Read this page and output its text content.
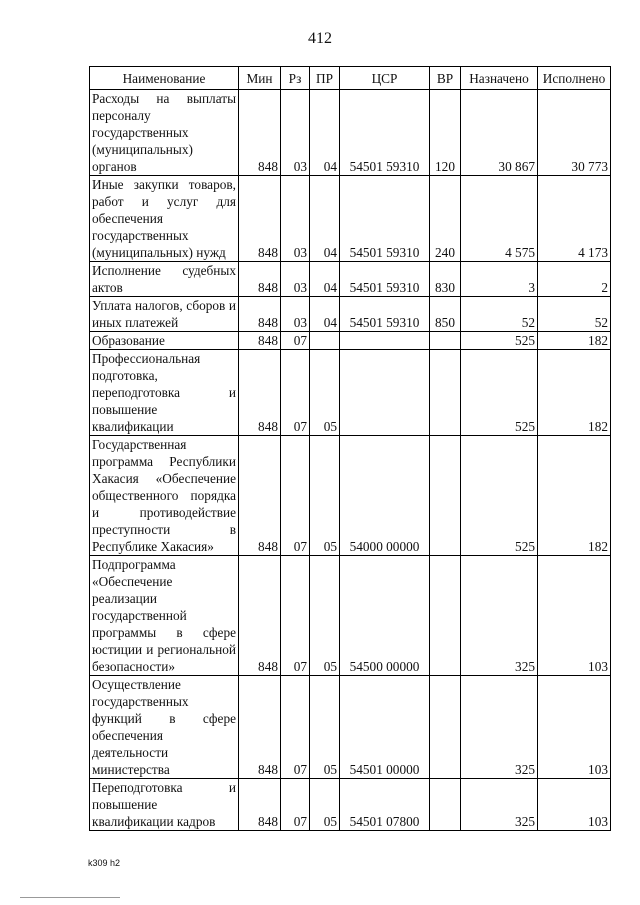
412
Наименование	Мин	Рз	ПР	ЦСР	ВР	Назначено	Исполнено
Расходы на выплаты персоналу государственных (муниципальных) органов	848	03	04	54501 59310	120	30 867	30 773
Иные закупки товаров, работ и услуг для обеспечения государственных (муниципальных) нужд	848	03	04	54501 59310	240	4 575	4 173
Исполнение судебных актов	848	03	04	54501 59310	830	3	2
Уплата налогов, сборов и иных платежей	848	03	04	54501 59310	850	52	52
Образование	848	07				525	182
Профессиональная подготовка, переподготовка и повышение квалификации	848	07	05			525	182
Государственная программа Республики Хакасия «Обеспечение общественного порядка и противодействие преступности в Республике Хакасия»	848	07	05	54000 00000		525	182
Подпрограмма «Обеспечение реализации государственной программы в сфере юстиции и региональной безопасности»	848	07	05	54500 00000		325	103
Осуществление государственных функций в сфере обеспечения деятельности министерства	848	07	05	54501 00000		325	103
Переподготовка и повышение квалификации кадров	848	07	05	54501 07800		325	103
k309 h2
